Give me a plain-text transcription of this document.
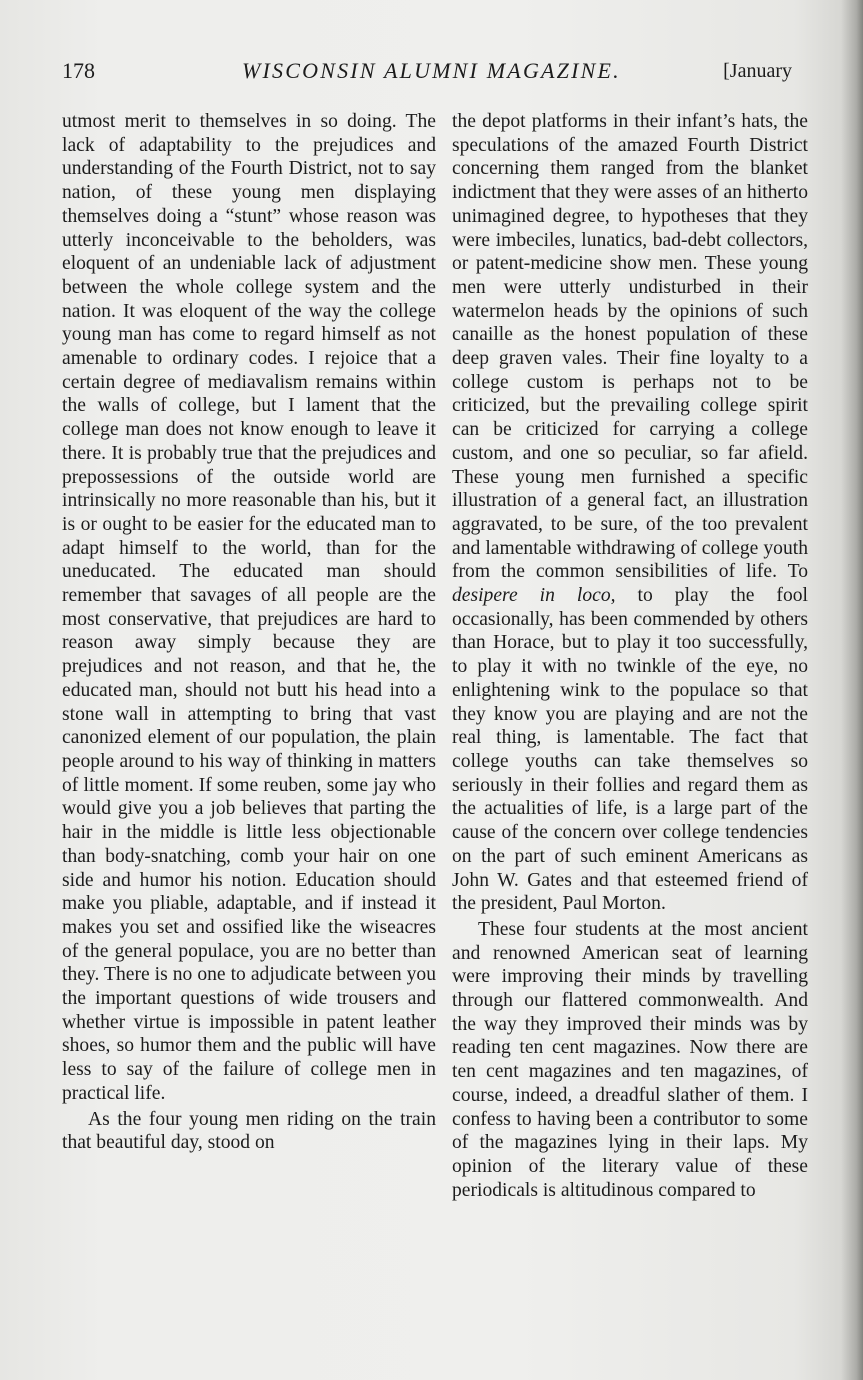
178	WISCONSIN ALUMNI MAGAZINE.	[January

utmost merit to themselves in so doing. The lack of adaptability to the prejudices and understanding of the Fourth District, not to say nation, of these young men displaying themselves doing a “stunt” whose reason was utterly inconceivable to the beholders, was eloquent of an undeniable lack of adjustment between the whole college system and the nation. It was eloquent of the way the college young man has come to regard himself as not amenable to ordinary codes. I rejoice that a certain degree of mediavalism remains within the walls of college, but I lament that the college man does not know enough to leave it there. It is probably true that the prejudices and prepossessions of the outside world are intrinsically no more reasonable than his, but it is or ought to be easier for the educated man to adapt himself to the world, than for the uneducated. The educated man should remember that savages of all people are the most conservative, that prejudices are hard to reason away simply because they are prejudices and not reason, and that he, the educated man, should not butt his head into a stone wall in attempting to bring that vast canonized element of our population, the plain people around to his way of thinking in matters of little moment. If some reuben, some jay who would give you a job believes that parting the hair in the middle is little less objectionable than body-snatching, comb your hair on one side and humor his notion. Education should make you pliable, adaptable, and if instead it makes you set and ossified like the wiseacres of the general populace, you are no better than they. There is no one to adjudicate between you the important questions of wide trousers and whether virtue is impossible in patent leather shoes, so humor them and the public will have less to say of the failure of college men in practical life.

As the four young men riding on the train that beautiful day, stood on

the depot platforms in their infant’s hats, the speculations of the amazed Fourth District concerning them ranged from the blanket indictment that they were asses of an hitherto unimagined degree, to hypotheses that they were imbeciles, lunatics, bad-debt collectors, or patent-medicine show men. These young men were utterly undisturbed in their watermelon heads by the opinions of such canaille as the honest population of these deep graven vales. Their fine loyalty to a college custom is perhaps not to be criticized, but the prevailing college spirit can be criticized for carrying a college custom, and one so peculiar, so far afield. These young men furnished a specific illustration of a general fact, an illustration aggravated, to be sure, of the too prevalent and lamentable withdrawing of college youth from the common sensibilities of life. To desipere in loco, to play the fool occasionally, has been commended by others than Horace, but to play it too successfully, to play it with no twinkle of the eye, no enlightening wink to the populace so that they know you are playing and are not the real thing, is lamentable. The fact that college youths can take themselves so seriously in their follies and regard them as the actualities of life, is a large part of the cause of the concern over college tendencies on the part of such eminent Americans as John W. Gates and that esteemed friend of the president, Paul Morton.

These four students at the most ancient and renowned American seat of learning were improving their minds by travelling through our flattered commonwealth. And the way they improved their minds was by reading ten cent magazines. Now there are ten cent magazines and ten magazines, of course, indeed, a dreadful slather of them. I confess to having been a contributor to some of the magazines lying in their laps. My opinion of the literary value of these periodicals is altitudinous compared to
